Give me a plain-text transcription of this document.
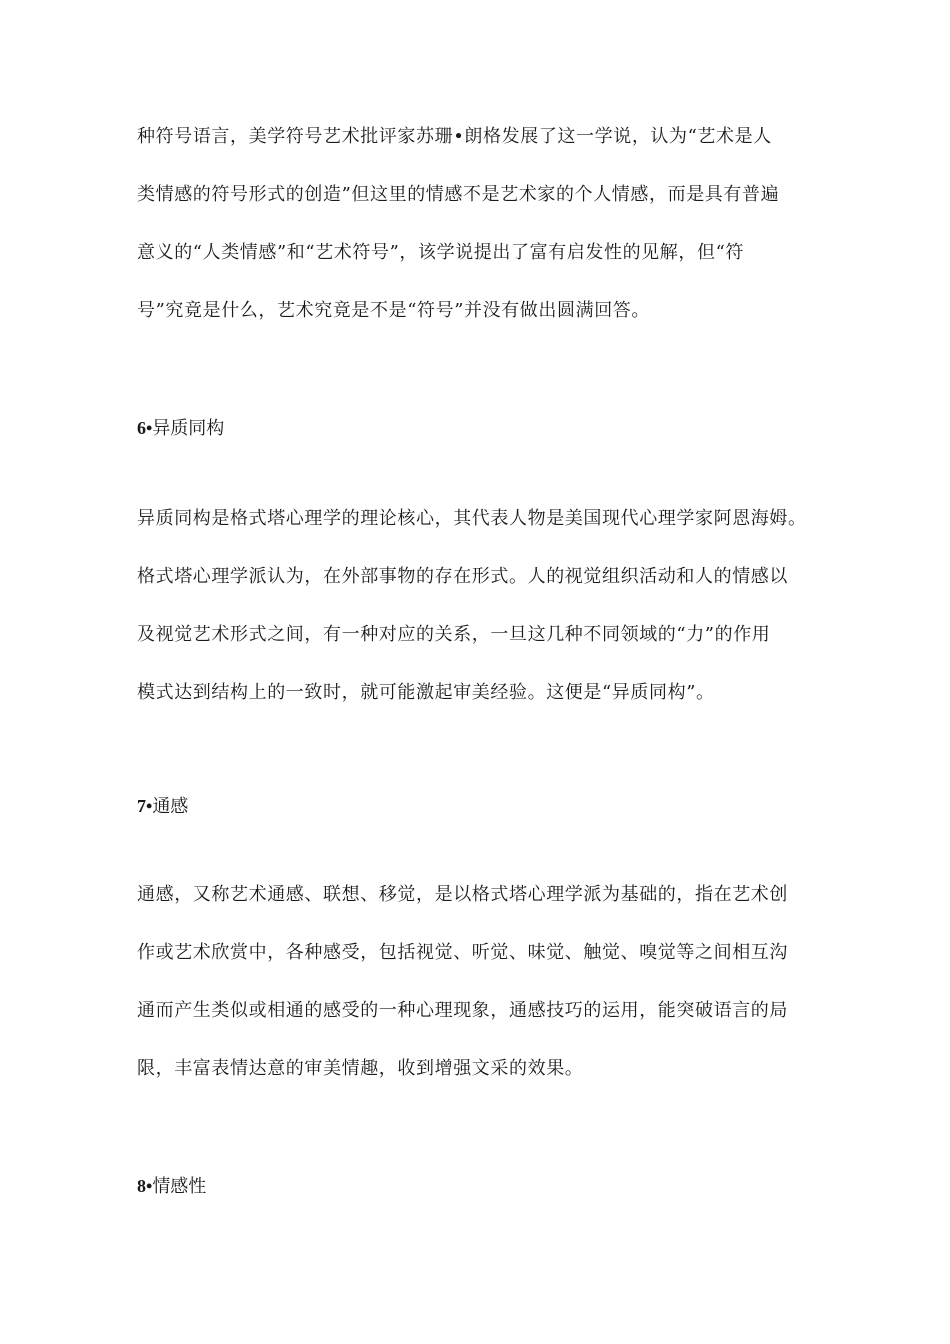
种符号语言，美学符号艺术批评家苏珊•朗格发展了这一学说，认为“艺术是人
类情感的符号形式的创造”但这里的情感不是艺术家的个人情感，而是具有普遍
意义的“人类情感”和“艺术符号”，该学说提出了富有启发性的见解，但“符
号”究竟是什么，艺术究竟是不是“符号”并没有做出圆满回答。

6•异质同构

异质同构是格式塔心理学的理论核心，其代表人物是美国现代心理学家阿恩海姆。
格式塔心理学派认为，在外部事物的存在形式。人的视觉组织活动和人的情感以
及视觉艺术形式之间，有一种对应的关系，一旦这几种不同领域的“力”的作用
模式达到结构上的一致时，就可能激起审美经验。这便是“异质同构”。

7•通感

通感，又称艺术通感、联想、移觉，是以格式塔心理学派为基础的，指在艺术创
作或艺术欣赏中，各种感受，包括视觉、听觉、味觉、触觉、嗅觉等之间相互沟
通而产生类似或相通的感受的一种心理现象，通感技巧的运用，能突破语言的局
限，丰富表情达意的审美情趣，收到增强文采的效果。

8•情感性
